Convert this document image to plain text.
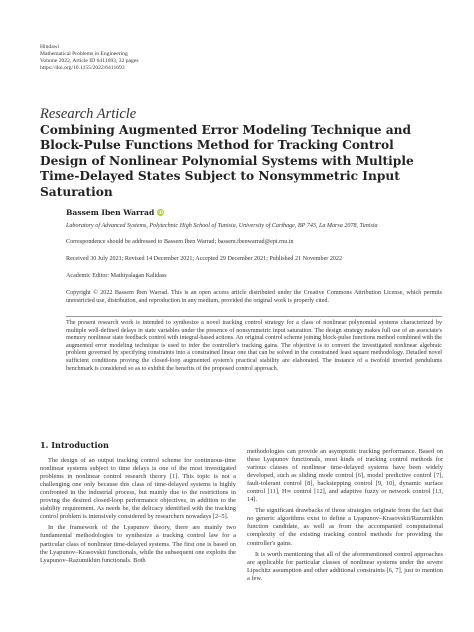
Hindawi
Mathematical Problems in Engineering
Volume 2022, Article ID 6411693, 32 pages
https://doi.org/10.1155/2022/6411693
Research Article
Combining Augmented Error Modeling Technique and Block-Pulse Functions Method for Tracking Control Design of Nonlinear Polynomial Systems with Multiple Time-Delayed States Subject to Nonsymmetric Input Saturation
Bassem Iben Warrad iD
Laboratory of Advanced Systems, Polytechnic High School of Tunisia, University of Carthage, BP 743, La Marsa 2078, Tunisia
Correspondence should be addressed to Bassem Iben Warrad; bassem.ibenwarrad@ept.rnu.tn
Received 30 July 2021; Revised 14 December 2021; Accepted 29 December 2021; Published 21 November 2022
Academic Editor: Mathiyalagan Kalidass
Copyright © 2022 Bassem Iben Warrad. This is an open access article distributed under the Creative Commons Attribution License, which permits unrestricted use, distribution, and reproduction in any medium, provided the original work is properly cited.
The present research work is intended to synthesize a novel tracking control strategy for a class of nonlinear polynomial systems characterized by multiple well-defined delays in state variables under the presence of nonsymmetric input saturation. The design strategy makes full use of an associate's memory nonlinear state feedback control with integral-based actions. An original control scheme joining block-pulse functions method combined with the augmented error modeling technique is used to infer the controller's tracking gains. The objective is to convert the investigated nonlinear algebraic problem governed by specifying constraints into a constrained linear one that can be solved in the constrained least square methodology. Detailed novel sufficient conditions proving the closed-loop augmented system's practical stability are elaborated. The instance of a twofold inverted pendulums benchmark is considered so as to exhibit the benefits of the proposed control approach.
1. Introduction

The design of an output tracking control scheme for continuous-time nonlinear systems subject to time delays is one of the most investigated problems in nonlinear control research theory [1]. This topic is not a challenging one only because this class of time-delayed systems is highly confronted in the industrial process, but mainly due to the restrictions in proving the desired closed-loop performance objectives, in addition to the stability requirement. As needs be, the delicacy identified with the tracking control problem is intensively considered by researchers nowadays [2–5].

In the framework of the Lyapunov theory, there are mainly two fundamental methodologies to synthesize a tracking control law for a particular class of nonlinear time-delayed systems. The first one is based on the Lyapunov–Krasovskii functionals, while the subsequent one exploits the Lyapunov–Razumikhin functionals. Both

methodologies can provide an asymptotic tracking performance. Based on these Lyapunov functionals, most kinds of tracking control methods for various classes of nonlinear time-delayed systems have been widely developed, such as sliding mode control [6], model predictive control [7], fault-tolerant control [8], backstepping control [9, 10], dynamic surface control [11], H∞ control [12], and adaptive fuzzy or network control [13, 14].

The significant drawbacks of those strategies originate from the fact that no generic algorithms exist to define a Lyapunov–Krasovskii/Razumikhin function candidate, as well as from the accompanied computational complexity of the existing tracking control methods for providing the controller's gains.

It is worth mentioning that all of the aforementioned control approaches are applicable for particular classes of nonlinear systems under the severe Lipschitz assumption and other additional constraints [6, 7], just to mention a few.
